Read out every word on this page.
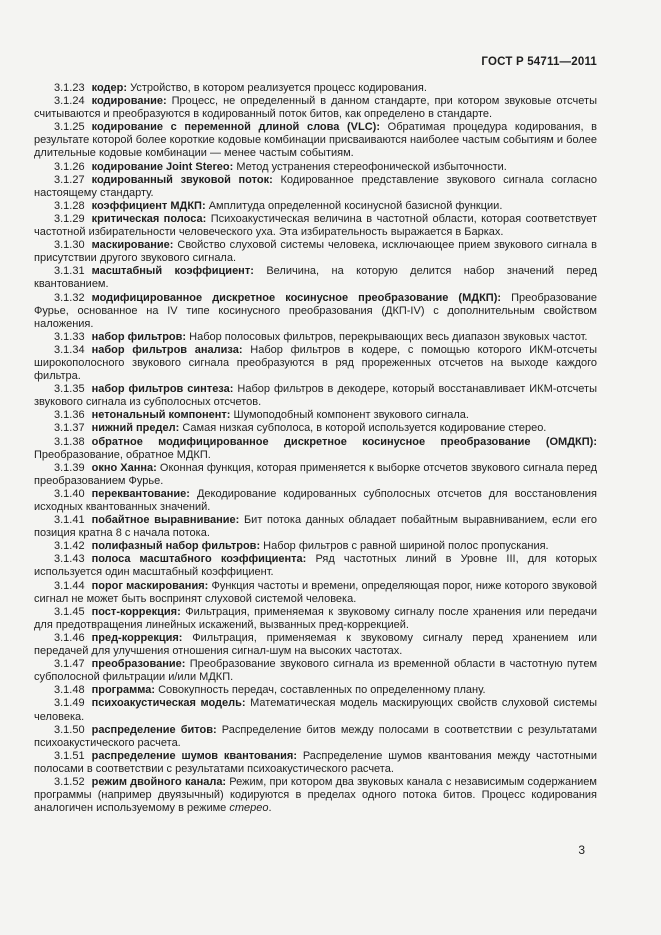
ГОСТ Р 54711—2011

3.1.23 кодер: Устройство, в котором реализуется процесс кодирования.

3.1.24 кодирование: Процесс, не определенный в данном стандарте, при котором звуковые отсчеты считываются и преобразуются в кодированный поток битов, как определено в стандарте.

3.1.25 кодирование с переменной длиной слова (VLC): Обратимая процедура кодирования, в результате которой более короткие кодовые комбинации присваиваются наиболее частым событиям и более длительные кодовые комбинации — менее частым событиям.

3.1.26 кодирование Joint Stereo: Метод устранения стереофонической избыточности.

3.1.27 кодированный звуковой поток: Кодированное представление звукового сигнала согласно настоящему стандарту.

3.1.28 коэффициент МДКП: Амплитуда определенной косинусной базисной функции.

3.1.29 критическая полоса: Психоакустическая величина в частотной области, которая соответствует частотной избирательности человеческого уха. Эта избирательность выражается в Барках.

3.1.30 маскирование: Свойство слуховой системы человека, исключающее прием звукового сигнала в присутствии другого звукового сигнала.

3.1.31 масштабный коэффициент: Величина, на которую делится набор значений перед квантованием.

3.1.32 модифицированное дискретное косинусное преобразование (МДКП): Преобразование Фурье, основанное на IV типе косинусного преобразования (ДКП-IV) с дополнительным свойством наложения.

3.1.33 набор фильтров: Набор полосовых фильтров, перекрывающих весь диапазон звуковых частот.

3.1.34 набор фильтров анализа: Набор фильтров в кодере, с помощью которого ИКМ-отсчеты широкополосного звукового сигнала преобразуются в ряд прореженных отсчетов на выходе каждого фильтра.

3.1.35 набор фильтров синтеза: Набор фильтров в декодере, который восстанавливает ИКМ-отсчеты звукового сигнала из субполосных отсчетов.

3.1.36 нетональный компонент: Шумоподобный компонент звукового сигнала.

3.1.37 нижний предел: Самая низкая субполоса, в которой используется кодирование стерео.

3.1.38 обратное модифицированное дискретное косинусное преобразование (ОМДКП): Преобразование, обратное МДКП.

3.1.39 окно Ханна: Оконная функция, которая применяется к выборке отсчетов звукового сигнала перед преобразованием Фурье.

3.1.40 переквантование: Декодирование кодированных субполосных отсчетов для восстановления исходных квантованных значений.

3.1.41 побайтное выравнивание: Бит потока данных обладает побайтным выравниванием, если его позиция кратна 8 с начала потока.

3.1.42 полифазный набор фильтров: Набор фильтров с равной шириной полос пропускания.

3.1.43 полоса масштабного коэффициента: Ряд частотных линий в Уровне III, для которых используется один масштабный коэффициент.

3.1.44 порог маскирования: Функция частоты и времени, определяющая порог, ниже которого звуковой сигнал не может быть воспринят слуховой системой человека.

3.1.45 пост-коррекция: Фильтрация, применяемая к звуковому сигналу после хранения или передачи для предотвращения линейных искажений, вызванных пред-коррекцией.

3.1.46 пред-коррекция: Фильтрация, применяемая к звуковому сигналу перед хранением или передачей для улучшения отношения сигнал-шум на высоких частотах.

3.1.47 преобразование: Преобразование звукового сигнала из временной области в частотную путем субполосной фильтрации и/или МДКП.

3.1.48 программа: Совокупность передач, составленных по определенному плану.

3.1.49 психоакустическая модель: Математическая модель маскирующих свойств слуховой системы человека.

3.1.50 распределение битов: Распределение битов между полосами в соответствии с результатами психоакустического расчета.

3.1.51 распределение шумов квантования: Распределение шумов квантования между частотными полосами в соответствии с результатами психоакустического расчета.

3.1.52 режим двойного канала: Режим, при котором два звуковых канала с независимым содержанием программы (например двуязычный) кодируются в пределах одного потока битов. Процесс кодирования аналогичен используемому в режиме стерео.

3
